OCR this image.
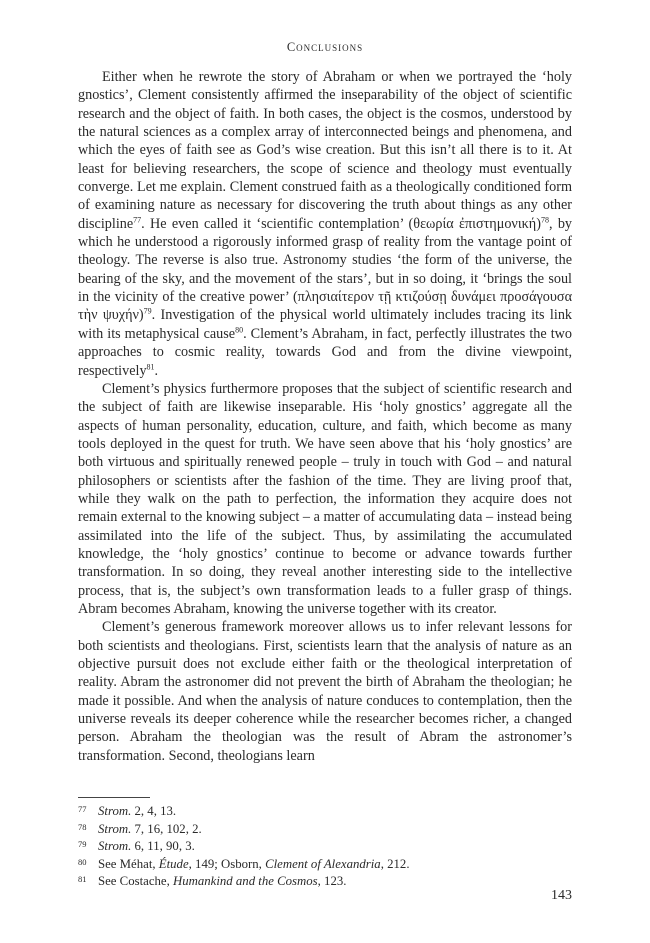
Conclusions

Either when he rewrote the story of Abraham or when we portrayed the ‘holy gnostics’, Clement consistently affirmed the inseparability of the object of scientific research and the object of faith. In both cases, the object is the cosmos, understood by the natural sciences as a complex array of interconnected beings and phenomena, and which the eyes of faith see as God’s wise creation. But this isn’t all there is to it. At least for believing researchers, the scope of science and theology must eventually converge. Let me explain. Clement construed faith as a theologically conditioned form of examining nature as necessary for discovering the truth about things as any other discipline$^{77}$. He even called it ‘scientific contemplation’ (θεωρία ἐπιστημονική)$^{78}$, by which he understood a rigorously informed grasp of reality from the vantage point of theology. The reverse is also true. Astronomy studies ‘the form of the universe, the bearing of the sky, and the movement of the stars’, but in so doing, it ‘brings the soul in the vicinity of the creative power’ (πλησιαίτερον τῇ κτιζούσῃ δυνάμει προσάγουσα τὴν ψυχήν)$^{79}$. Investigation of the physical world ultimately includes tracing its link with its metaphysical cause$^{80}$. Clement’s Abraham, in fact, perfectly illustrates the two approaches to cosmic reality, towards God and from the divine viewpoint, respectively$^{81}$.

Clement’s physics furthermore proposes that the subject of scientific research and the subject of faith are likewise inseparable. His ‘holy gnostics’ aggregate all the aspects of human personality, education, culture, and faith, which become as many tools deployed in the quest for truth. We have seen above that his ‘holy gnostics’ are both virtuous and spiritually renewed people – truly in touch with God – and natural philosophers or scientists after the fashion of the time. They are living proof that, while they walk on the path to perfection, the information they acquire does not remain external to the knowing subject – a matter of accumulating data – instead being assimilated into the life of the subject. Thus, by assimilating the accumulated knowledge, the ‘holy gnostics’ continue to become or advance towards further transformation. In so doing, they reveal another interesting side to the intellective process, that is, the subject’s own transformation leads to a fuller grasp of things. Abram becomes Abraham, knowing the universe together with its creator.

Clement’s generous framework moreover allows us to infer relevant lessons for both scientists and theologians. First, scientists learn that the analysis of nature as an objective pursuit does not exclude either faith or the theological interpretation of reality. Abram the astronomer did not prevent the birth of Abraham the theologian; he made it possible. And when the analysis of nature conduces to contemplation, then the universe reveals its deeper coherence while the researcher becomes richer, a changed person. Abraham the theologian was the result of Abram the astronomer’s transformation. Second, theologians learn

77 Strom. 2, 4, 13.
78 Strom. 7, 16, 102, 2.
79 Strom. 6, 11, 90, 3.
80 See Méhat, Étude, 149; Osborn, Clement of Alexandria, 212.
81 See Costache, Humankind and the Cosmos, 123.
143
